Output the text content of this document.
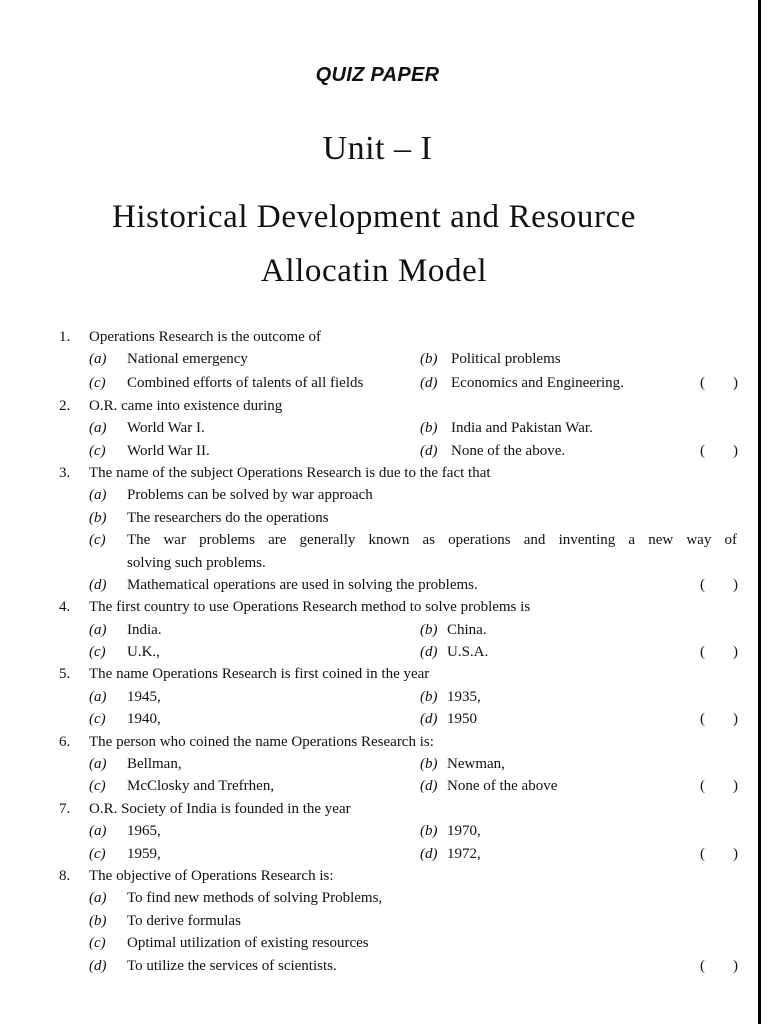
QUIZ PAPER
Unit – I
Historical Development and Resource
Allocatin Model
1. Operations Research is the outcome of
(a) National emergency	(b) Political problems
(c) Combined efforts of talents of all fields	(d) Economics and Engineering.	( )
2. O.R. came into existence during
(a) World War I.	(b) India and Pakistan War.
(c) World War II.	(d) None of the above.	( )
3. The name of the subject Operations Research is due to the fact that
(a) Problems can be solved by war approach
(b) The researchers do the operations
(c) The war problems are generally known as operations and inventing a new way of
solving such problems.
(d) Mathematical operations are used in solving the problems.	( )
4. The first country to use Operations Research method to solve problems is
(a) India.	(b) China.
(c) U.K.,	(d) U.S.A.	( )
5. The name Operations Research is first coined in the year
(a) 1945,	(b) 1935,
(c) 1940,	(d) 1950	( )
6. The person who coined the name Operations Research is:
(a) Bellman,	(b) Newman,
(c) McClosky and Trefrhen,	(d) None of the above	( )
7. O.R. Society of India is founded in the year
(a) 1965,	(b) 1970,
(c) 1959,	(d) 1972,	( )
8. The objective of Operations Research is:
(a) To find new methods of solving Problems,
(b) To derive formulas
(c) Optimal utilization of existing resources
(d) To utilize the services of scientists.	( )
